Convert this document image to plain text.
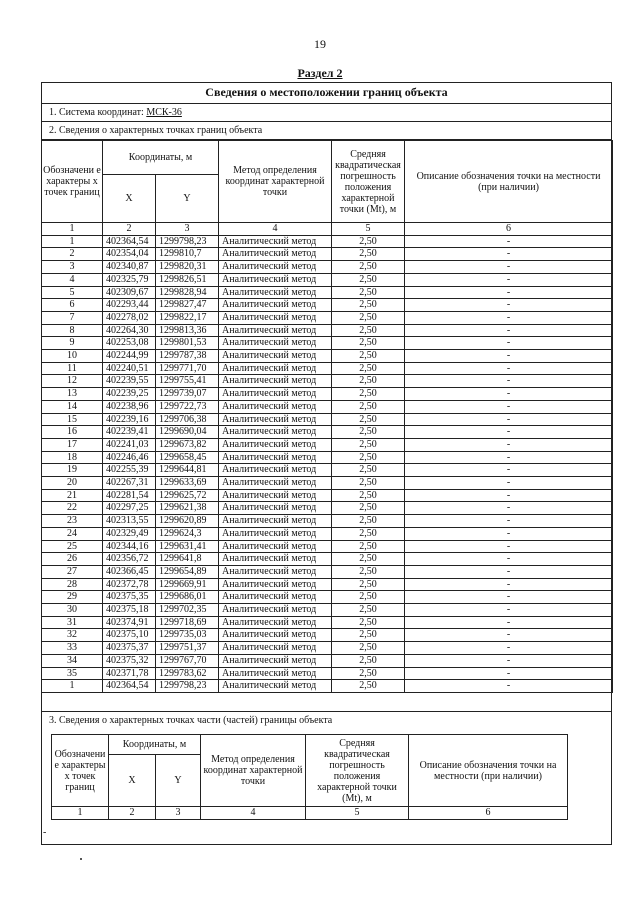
19
Раздел 2
Сведения о местоположении границ объекта
1. Система координат: МСК-36
2. Сведения о характерных точках границ объекта
Обозначени е характеры х точек границ	Координаты, м		Метод определения координат характерной точки	Средняя квадратическая погрешность положения характерной точки (Mt), м	Описание обозначения точки на местности (при наличии)
	X	Y			
1	2	3	4	5	6
1	402364,54	1299798,23	Аналитический метод	2,50	-
2	402354,04	1299810,7	Аналитический метод	2,50	-
3	402340,87	1299820,31	Аналитический метод	2,50	-
4	402325,79	1299826,51	Аналитический метод	2,50	-
5	402309,67	1299828,94	Аналитический метод	2,50	-
6	402293,44	1299827,47	Аналитический метод	2,50	-
7	402278,02	1299822,17	Аналитический метод	2,50	-
8	402264,30	1299813,36	Аналитический метод	2,50	-
9	402253,08	1299801,53	Аналитический метод	2,50	-
10	402244,99	1299787,38	Аналитический метод	2,50	-
11	402240,51	1299771,70	Аналитический метод	2,50	-
12	402239,55	1299755,41	Аналитический метод	2,50	-
13	402239,25	1299739,07	Аналитический метод	2,50	-
14	402238,96	1299722,73	Аналитический метод	2,50	-
15	402239,16	1299706,38	Аналитический метод	2,50	-
16	402239,41	1299690,04	Аналитический метод	2,50	-
17	402241,03	1299673,82	Аналитический метод	2,50	-
18	402246,46	1299658,45	Аналитический метод	2,50	-
19	402255,39	1299644,81	Аналитический метод	2,50	-
20	402267,31	1299633,69	Аналитический метод	2,50	-
21	402281,54	1299625,72	Аналитический метод	2,50	-
22	402297,25	1299621,38	Аналитический метод	2,50	-
23	402313,55	1299620,89	Аналитический метод	2,50	-
24	402329,49	1299624,3	Аналитический метод	2,50	-
25	402344,16	1299631,41	Аналитический метод	2,50	-
26	402356,72	1299641,8	Аналитический метод	2,50	-
27	402366,45	1299654,89	Аналитический метод	2,50	-
28	402372,78	1299669,91	Аналитический метод	2,50	-
29	402375,35	1299686,01	Аналитический метод	2,50	-
30	402375,18	1299702,35	Аналитический метод	2,50	-
31	402374,91	1299718,69	Аналитический метод	2,50	-
32	402375,10	1299735,03	Аналитический метод	2,50	-
33	402375,37	1299751,37	Аналитический метод	2,50	-
34	402375,32	1299767,70	Аналитический метод	2,50	-
35	402371,78	1299783,62	Аналитический метод	2,50	-
1	402364,54	1299798,23	Аналитический метод	2,50	-
3. Сведения о характерных точках части (частей) границы объекта
Обозначени е характеры х точек границ	Координаты, м		Метод определения координат характерной точки	Средняя квадратическая погрешность положения характерной точки (Mt), м	Описание обозначения точки на местности (при наличии)
	X	Y			
1	2	3	4	5	6
-
